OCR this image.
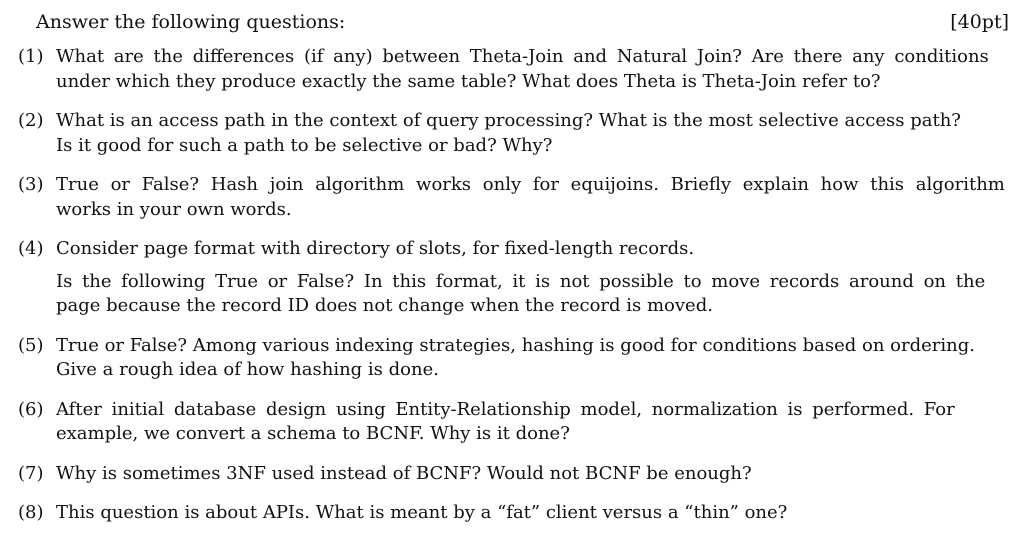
Answer the following questions:	[40pt]
(1) What are the differences (if any) between Theta-Join and Natural Join? Are there any conditions
under which they produce exactly the same table? What does Theta is Theta-Join refer to?
(2) What is an access path in the context of query processing? What is the most selective access path?
Is it good for such a path to be selective or bad? Why?
(3) True or False? Hash join algorithm works only for equijoins. Briefly explain how this algorithm
works in your own words.
(4) Consider page format with directory of slots, for fixed-length records.
Is the following True or False? In this format, it is not possible to move records around on the
page because the record ID does not change when the record is moved.
(5) True or False? Among various indexing strategies, hashing is good for conditions based on ordering.
Give a rough idea of how hashing is done.
(6) After initial database design using Entity-Relationship model, normalization is performed. For
example, we convert a schema to BCNF. Why is it done?
(7) Why is sometimes 3NF used instead of BCNF? Would not BCNF be enough?
(8) This question is about APIs. What is meant by a “fat” client versus a “thin” one?
